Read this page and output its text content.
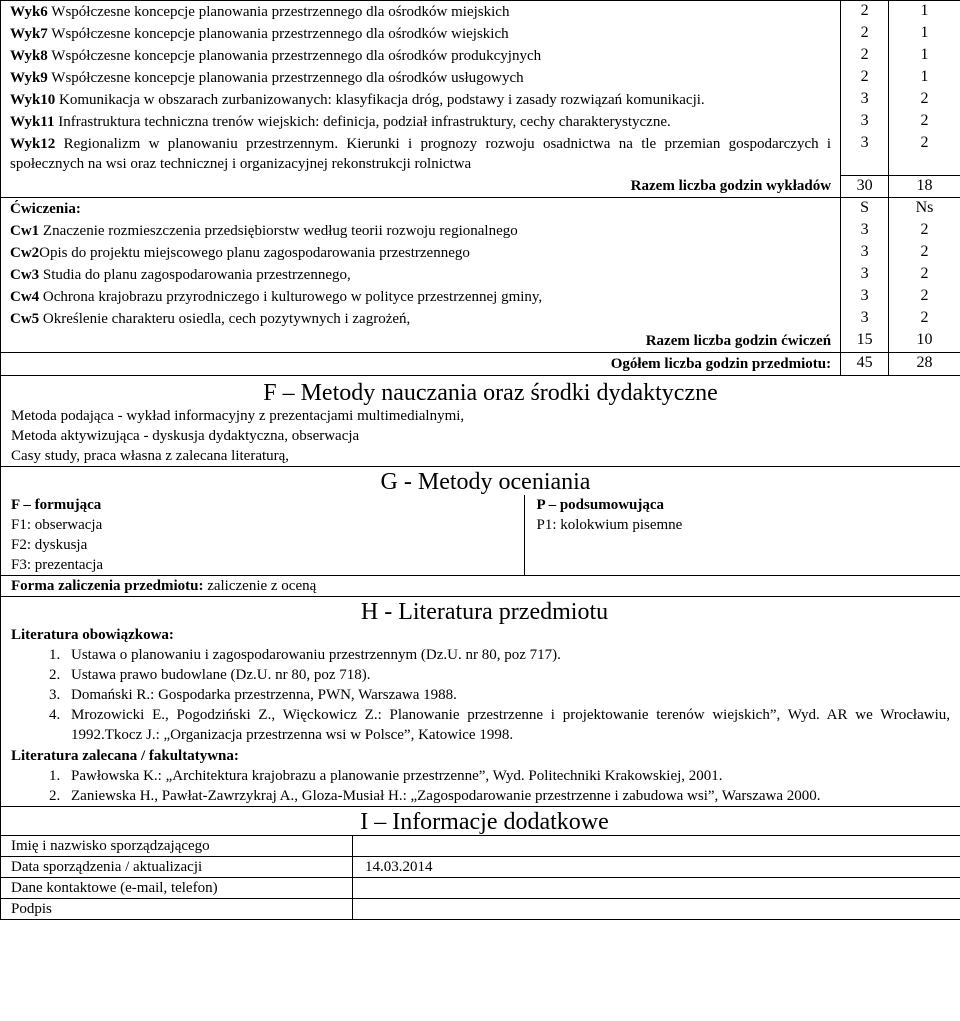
Wyk6 Współczesne koncepcje planowania przestrzennego dla ośrodków miejskich	2	1
Wyk7 Współczesne koncepcje planowania przestrzennego dla ośrodków wiejskich	2	1
Wyk8 Współczesne koncepcje planowania przestrzennego dla ośrodków produkcyjnych	2	1
Wyk9 Współczesne koncepcje planowania przestrzennego dla ośrodków usługowych	2	1
Wyk10 Komunikacja w obszarach zurbanizowanych: klasyfikacja dróg, podstawy i zasady rozwiązań komunikacji.	3	2
Wyk11 Infrastruktura techniczna trenów wiejskich: definicja, podział infrastruktury, cechy charakterystyczne.	3	2
Wyk12 Regionalizm w planowaniu przestrzennym. Kierunki i prognozy rozwoju osadnictwa na tle przemian gospodarczych i społecznych na wsi oraz technicznej i organizacyjnej rekonstrukcji rolnictwa	3	2
Razem liczba godzin wykładów	30	18
Ćwiczenia:	S	Ns
Cw1 Znaczenie rozmieszczenia przedsiębiorstw według teorii rozwoju regionalnego	3	2
Cw2Opis do projektu miejscowego planu zagospodarowania przestrzennego	3	2
Cw3 Studia do planu zagospodarowania przestrzennego,	3	2
Cw4 Ochrona krajobrazu przyrodniczego i kulturowego w polityce przestrzennej gminy,	3	2
Cw5 Określenie charakteru osiedla, cech pozytywnych i zagrożeń,	3	2
Razem liczba godzin ćwiczeń	15	10
Ogółem liczba godzin przedmiotu:	45	28
F – Metody nauczania oraz środki dydaktyczne
Metoda podająca - wykład informacyjny z prezentacjami multimedialnymi,
Metoda aktywizująca - dyskusja dydaktyczna, obserwacja
Casy study, praca własna z zalecana literaturą,
G - Metody oceniania
F – formująca
F1: obserwacja
F2: dyskusja
F3: prezentacja

P – podsumowująca
P1: kolokwium pisemne

Forma zaliczenia przedmiotu: zaliczenie z oceną
H - Literatura przedmiotu
Literatura obowiązkowa:
1. Ustawa o planowaniu i zagospodarowaniu przestrzennym (Dz.U. nr 80, poz 717).
2. Ustawa prawo budowlane (Dz.U. nr 80, poz 718).
3. Domański R.: Gospodarka przestrzenna, PWN, Warszawa 1988.
4. Mrozowicki E., Pogodziński Z., Więckowicz Z.: Planowanie przestrzenne i projektowanie terenów wiejskich”, Wyd. AR we Wrocławiu, 1992.Tkocz J.: „Organizacja przestrzenna wsi w Polsce”, Katowice 1998.
Literatura zalecana / fakultatywna:
1. Pawłowska K.: „Architektura krajobrazu a planowanie przestrzenne”, Wyd. Politechniki Krakowskiej, 2001.
2. Zaniewska H., Pawłat-Zawrzykraj A., Gloza-Musiał H.: „Zagospodarowanie przestrzenne i zabudowa wsi”, Warszawa 2000.
I – Informacje dodatkowe
Imię i nazwisko sporządzającego	
Data sporządzenia / aktualizacji	14.03.2014
Dane kontaktowe (e-mail, telefon)	
Podpis	
